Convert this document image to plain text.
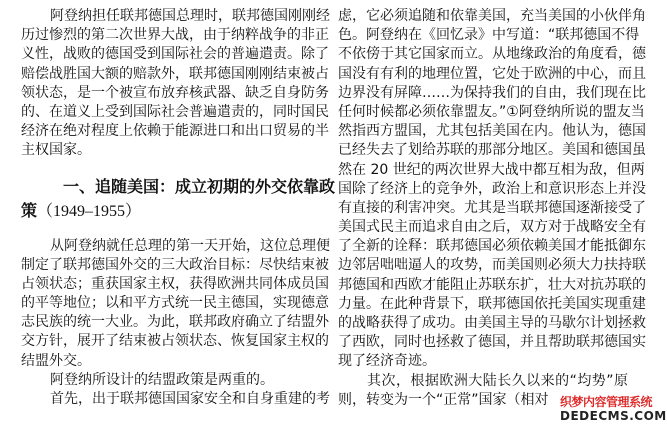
阿登纳担任联邦德国总理时，联邦德国刚刚经
历过惨烈的第二次世界大战，由于纳粹战争的非正
义性，战败的德国受到国际社会的普遍遣责。除了
赔偿战胜国大额的赔款外，联邦德国刚刚结束被占
领状态，是一个被宣布放弃核武器、缺乏自身防务
的、在道义上受到国际社会普遍遣责的，同时国民
经济在绝对程度上依赖于能源进口和出口贸易的半
主权国家。
一、追随美国：成立初期的外交依靠政
策（1949–1955）
从阿登纳就任总理的第一天开始，这位总理便
制定了联邦德国外交的三大政治目标：尽快结束被
占领状态；重获国家主权，获得欧洲共同体成员国
的平等地位；以和平方式统一民主德国，实现德意
志民族的统一大业。为此，联邦政府确立了结盟外
交方针，展开了结束被占领状态、恢复国家主权的
结盟外交。
阿登纳所设计的结盟政策是两重的。
首先，出于联邦德国国家安全和自身重建的考
虑，它必须追随和依靠美国，充当美国的小伙伴角
色。阿登纳在《回忆录》中写道：“联邦德国不得
不依傍于其它国家而立。从地缘政治的角度看，德
国没有有利的地理位置，它处于欧洲的中心，而且
边界没有屏障……为保持我们的自由，我们现在比
任何时候都必须依靠盟友。”①阿登纳所说的盟友当
然指西方盟国，尤其包括美国在内。他认为，德国
已经失去了划给苏联的那部分地区。美国和德国虽
然在 20 世纪的两次世界大战中都互相为敌，但两
国除了经济上的竞争外，政治上和意识形态上并没
有直接的利害冲突。尤其是当联邦德国逐渐接受了
美国式民主而追求自由之后，双方对于战略安全有
了全新的诠释：联邦德国必须依赖美国才能抵御东
边邻居咄咄逼人的攻势，而美国则必须大力扶持联
邦德国和西欧才能阻止苏联东扩，壮大对抗苏联的
力量。在此种背景下，联邦德国依托美国实现重建
的战略获得了成功。由美国主导的马歇尔计划拯救
了西欧，同时也拯救了德国，并且帮助联邦德国实
现了经济奇迹。
其次，根据欧洲大陆长久以来的“均势”原
则，转变为一个“正常”国家（相对 织梦内容管理系统
DEDECMS.COM
